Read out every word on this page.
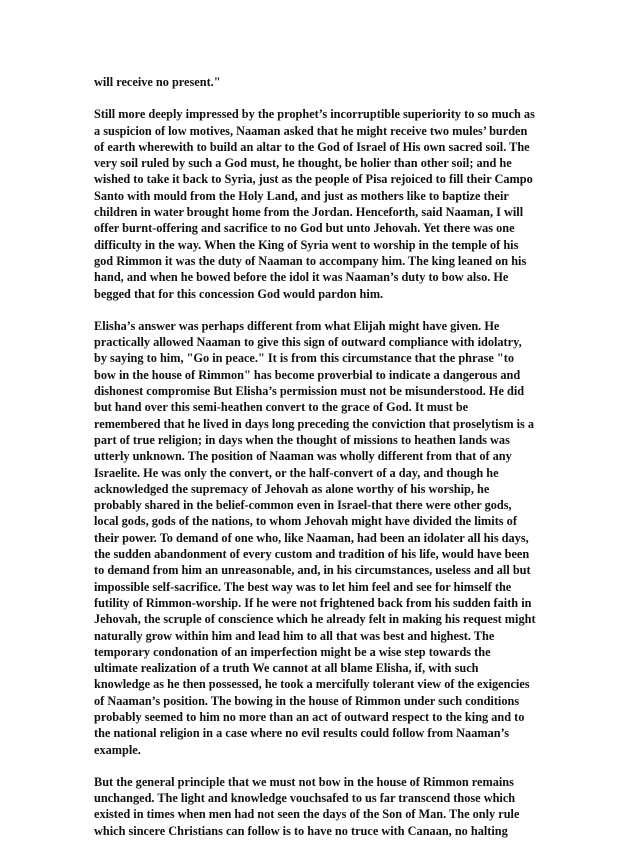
will receive no present."

Still more deeply impressed by the prophet’s incorruptible superiority to so much as
a suspicion of low motives, Naaman asked that he might receive two mules’ burden
of earth wherewith to build an altar to the God of Israel of His own sacred soil. The
very soil ruled by such a God must, he thought, be holier than other soil; and he
wished to take it back to Syria, just as the people of Pisa rejoiced to fill their Campo
Santo with mould from the Holy Land, and just as mothers like to baptize their
children in water brought home from the Jordan. Henceforth, said Naaman, I will
offer burnt-offering and sacrifice to no God but unto Jehovah. Yet there was one
difficulty in the way. When the King of Syria went to worship in the temple of his
god Rimmon it was the duty of Naaman to accompany him. The king leaned on his
hand, and when he bowed before the idol it was Naaman’s duty to bow also. He
begged that for this concession God would pardon him.

Elisha’s answer was perhaps different from what Elijah might have given. He
practically allowed Naaman to give this sign of outward compliance with idolatry,
by saying to him, "Go in peace." It is from this circumstance that the phrase "to
bow in the house of Rimmon" has become proverbial to indicate a dangerous and
dishonest compromise But Elisha’s permission must not be misunderstood. He did
but hand over this semi-heathen convert to the grace of God. It must be
remembered that he lived in days long preceding the conviction that proselytism is a
part of true religion; in days when the thought of missions to heathen lands was
utterly unknown. The position of Naaman was wholly different from that of any
Israelite. He was only the convert, or the half-convert of a day, and though he
acknowledged the supremacy of Jehovah as alone worthy of his worship, he
probably shared in the belief-common even in Israel-that there were other gods,
local gods, gods of the nations, to whom Jehovah might have divided the limits of
their power. To demand of one who, like Naaman, had been an idolater all his days,
the sudden abandonment of every custom and tradition of his life, would have been
to demand from him an unreasonable, and, in his circumstances, useless and all but
impossible self-sacrifice. The best way was to let him feel and see for himself the
futility of Rimmon-worship. If he were not frightened back from his sudden faith in
Jehovah, the scruple of conscience which he already felt in making his request might
naturally grow within him and lead him to all that was best and highest. The
temporary condonation of an imperfection might be a wise step towards the
ultimate realization of a truth We cannot at all blame Elisha, if, with such
knowledge as he then possessed, he took a mercifully tolerant view of the exigencies
of Naaman’s position. The bowing in the house of Rimmon under such conditions
probably seemed to him no more than an act of outward respect to the king and to
the national religion in a case where no evil results could follow from Naaman’s
example.

But the general principle that we must not bow in the house of Rimmon remains
unchanged. The light and knowledge vouchsafed to us far transcend those which
existed in times when men had not seen the days of the Son of Man. The only rule
which sincere Christians can follow is to have no truce with Canaan, no halting
